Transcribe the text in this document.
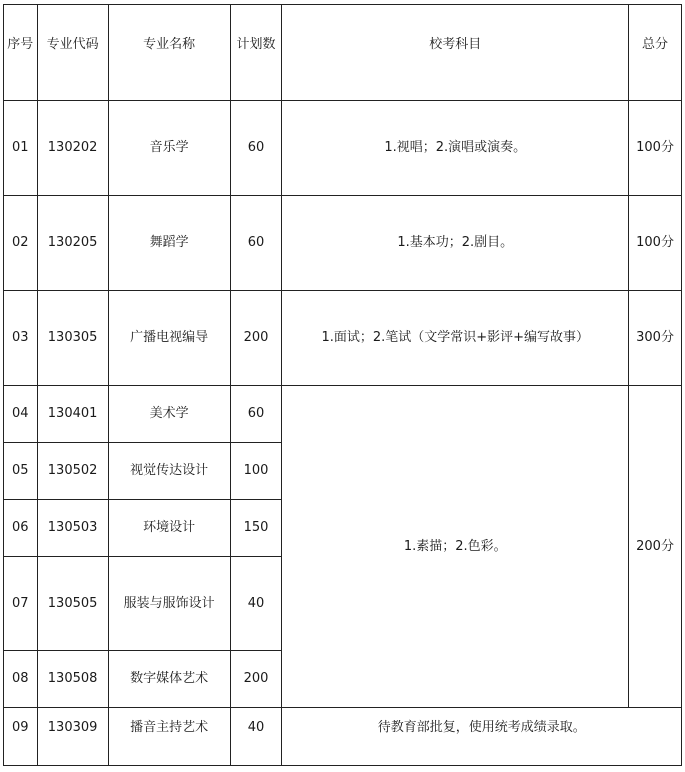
序号	专业代码	专业名称	计划数	校考科目	总分
01	130202	音乐学	60	1.视唱；2.演唱或演奏。	100分
02	130205	舞蹈学	60	1.基本功；2.剧目。	100分
03	130305	广播电视编导	200	1.面试；2.笔试（文学常识+影评+编写故事）	300分
04	130401	美术学	60	1.素描；2.色彩。	200分
05	130502	视觉传达设计	100		
06	130503	环境设计	150		
07	130505	服装与服饰设计	40		
08	130508	数字媒体艺术	200		
09	130309	播音主持艺术	40	待教育部批复，使用统考成绩录取。	
